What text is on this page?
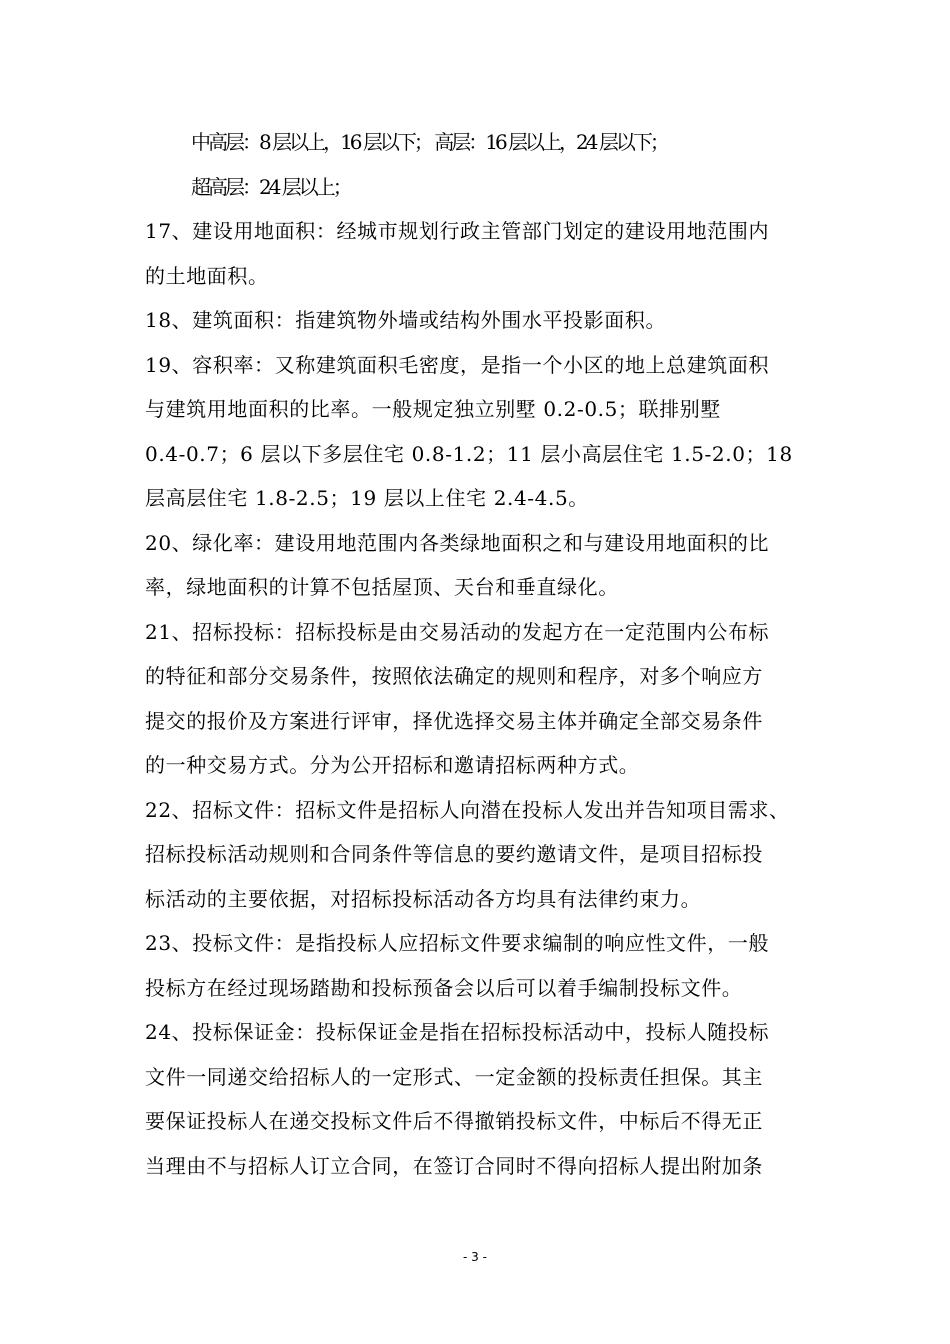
中高层：8 层以上，16 层以下； 高层：16 层以上，24 层以下；
超高层：24 层以上；
17、建设用地面积：经城市规划行政主管部门划定的建设用地范围内
的土地面积。
18、建筑面积：指建筑物外墙或结构外围水平投影面积。
19、容积率：又称建筑面积毛密度，是指一个小区的地上总建筑面积
与建筑用地面积的比率。一般规定独立别墅 0.2-0.5；联排别墅
0.4-0.7；6 层以下多层住宅 0.8-1.2；11 层小高层住宅 1.5-2.0；18
层高层住宅 1.8-2.5；19 层以上住宅 2.4-4.5。
20、绿化率：建设用地范围内各类绿地面积之和与建设用地面积的比
率，绿地面积的计算不包括屋顶、天台和垂直绿化。
21、招标投标：招标投标是由交易活动的发起方在一定范围内公布标
的特征和部分交易条件，按照依法确定的规则和程序，对多个响应方
提交的报价及方案进行评审，择优选择交易主体并确定全部交易条件
的一种交易方式。分为公开招标和邀请招标两种方式。
22、招标文件：招标文件是招标人向潜在投标人发出并告知项目需求、
招标投标活动规则和合同条件等信息的要约邀请文件，是项目招标投
标活动的主要依据，对招标投标活动各方均具有法律约束力。
23、投标文件：是指投标人应招标文件要求编制的响应性文件，一般
投标方在经过现场踏勘和投标预备会以后可以着手编制投标文件。
24、投标保证金：投标保证金是指在招标投标活动中，投标人随投标
文件一同递交给招标人的一定形式、一定金额的投标责任担保。其主
要保证投标人在递交投标文件后不得撤销投标文件，中标后不得无正
当理由不与招标人订立合同，在签订合同时不得向招标人提出附加条
- 3 -
